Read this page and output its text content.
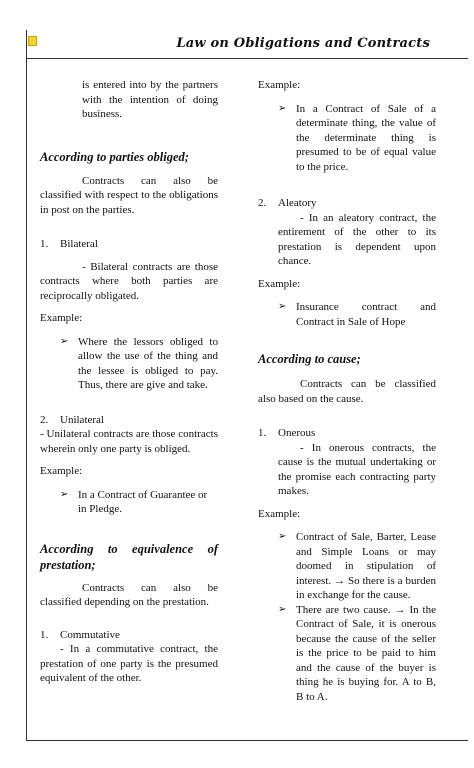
Law on Obligations and Contracts

is entered into by the partners with the intention of doing business.

According to parties obliged;

Contracts can also be classified with respect to the obligations in post on the parties.

1.	Bilateral

- Bilateral contracts are those contracts where both parties are reciprocally obligated.

Example:

➢ Where the lessors obliged to allow the use of the thing and the lessee is obliged to pay. Thus, there are give and take.
2.	Unilateral

- Unilateral contracts are those contracts wherein only one party is obliged.

Example:

➢ In a Contract of Guarantee or in Pledge.

According to equivalence of prestation;

Contracts can also be classified depending on the prestation.

1.	Commutative

- In a commutative contract, the prestation of one party is the presumed equivalent of the other.

Example:

➢ In a Contract of Sale of a determinate thing, the value of the determinate thing is presumed to be of equal value to the price.
2.	Aleatory

- In an aleatory contract, the entirement of the other to its prestation is dependent upon chance.

Example:

➢ Insurance contract and Contract in Sale of Hope

According to cause;

Contracts can be classified also based on the cause.

1.	Onerous

- In onerous contracts, the cause is the mutual undertaking or the promise each contracting party makes.

Example:

➢ Contract of Sale, Barter, Lease and Simple Loans or may doomed in stipulation of interest. → So there is a burden in exchange for the cause.
➢ There are two cause. → In the Contract of Sale, it is onerous because the cause of the seller is the price to be paid to him and the cause of the buyer is thing he is buying for. A to B, B to A.
